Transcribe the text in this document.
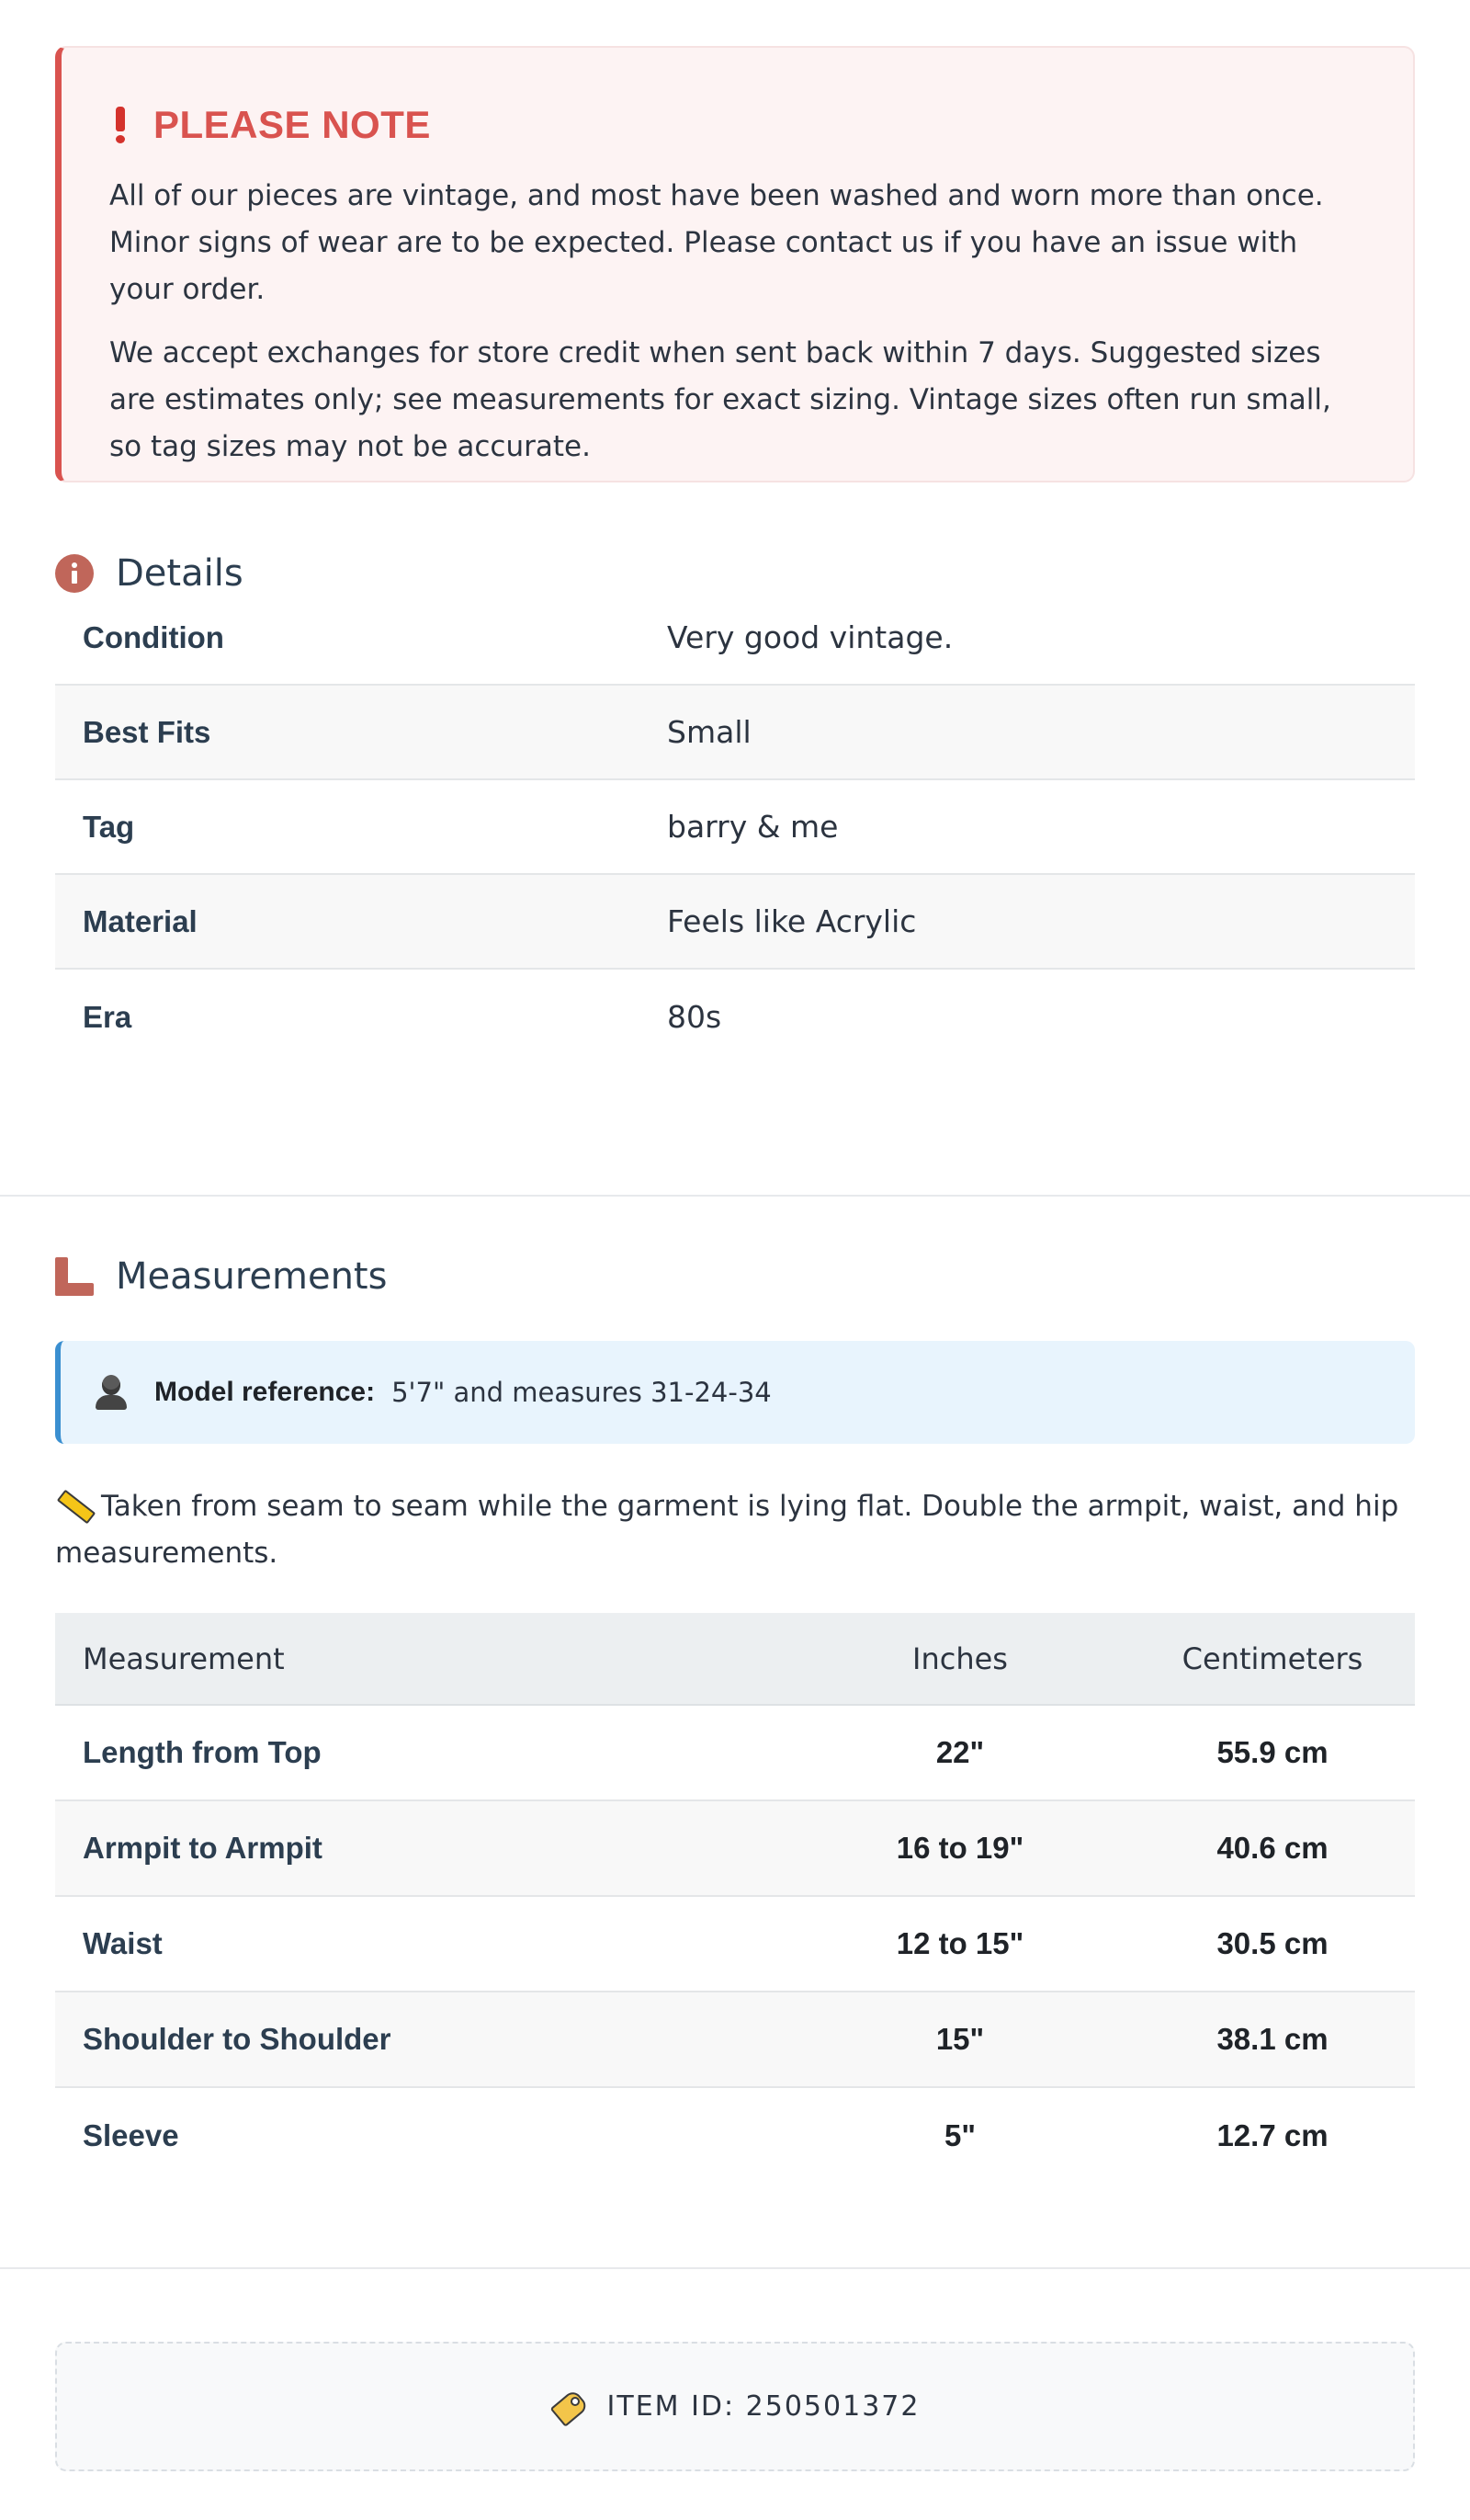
PLEASE NOTE

All of our pieces are vintage, and most have been washed and worn more than once. Minor signs of wear are to be expected. Please contact us if you have an issue with your order.

We accept exchanges for store credit when sent back within 7 days. Suggested sizes are estimates only; see measurements for exact sizing. Vintage sizes often run small, so tag sizes may not be accurate.

Details
Condition	Very good vintage.
Best Fits	Small
Tag	barry & me
Material	Feels like Acrylic
Era	80s
Measurements
Model reference: 5'7" and measures 31-24-34
Taken from seam to seam while the garment is lying flat. Double the armpit, waist, and hip measurements.
Measurement	Inches	Centimeters
Length from Top	22"	55.9 cm
Armpit to Armpit	16 to 19"	40.6 cm
Waist	12 to 15"	30.5 cm
Shoulder to Shoulder	15"	38.1 cm
Sleeve	5"	12.7 cm
ITEM ID: 250501372
